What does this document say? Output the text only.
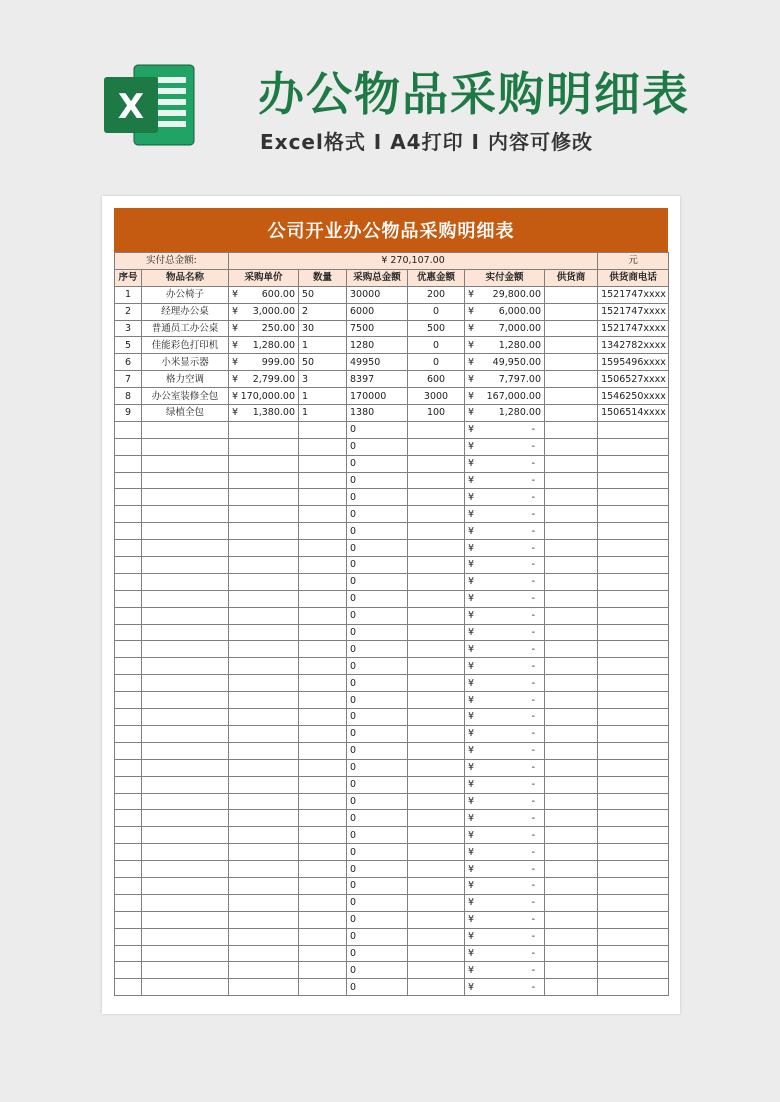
X 办公物品采购明细表
Excel格式 I A4打印 I 内容可修改
公司开业办公物品采购明细表
实付总金额:		¥ 270,107.00						元
序号	物品名称	采购单价	数量	采购总金额	优惠金额	实付金额	供货商	供货商电话
1	办公椅子	¥ 600.00	50	30000	200	¥ 29,800.00		1521747xxxx
2	经理办公桌	¥ 3,000.00	2	6000	0	¥ 6,000.00		1521747xxxx
3	普通员工办公桌	¥ 250.00	30	7500	500	¥ 7,000.00		1521747xxxx
5	佳能彩色打印机	¥ 1,280.00	1	1280	0	¥ 1,280.00		1342782xxxx
6	小米显示器	¥ 999.00	50	49950	0	¥ 49,950.00		1595496xxxx
7	格力空调	¥ 2,799.00	3	8397	600	¥ 7,797.00		1506527xxxx
8	办公室装修全包	¥ 170,000.00	1	170000	3000	¥ 167,000.00		1546250xxxx
9	绿植全包	¥ 1,380.00	1	1380	100	¥ 1,280.00		1506514xxxx
				0		¥ -		

				0		¥ -		

				0		¥ -		

				0		¥ -		

				0		¥ -		

				0		¥ -		

				0		¥ -		

				0		¥ -		

				0		¥ -		

				0		¥ -		

				0		¥ -		

				0		¥ -		

				0		¥ -		

				0		¥ -		

				0		¥ -		

				0		¥ -		

				0		¥ -		

				0		¥ -		

				0		¥ -		

				0		¥ -		

				0		¥ -		

				0		¥ -		

				0		¥ -		

				0		¥ -		

				0		¥ -		

				0		¥ -		

				0		¥ -		

				0		¥ -		

				0		¥ -		

				0		¥ -		

				0		¥ -		

				0		¥ -		

				0		¥ -		

				0		¥ -		
